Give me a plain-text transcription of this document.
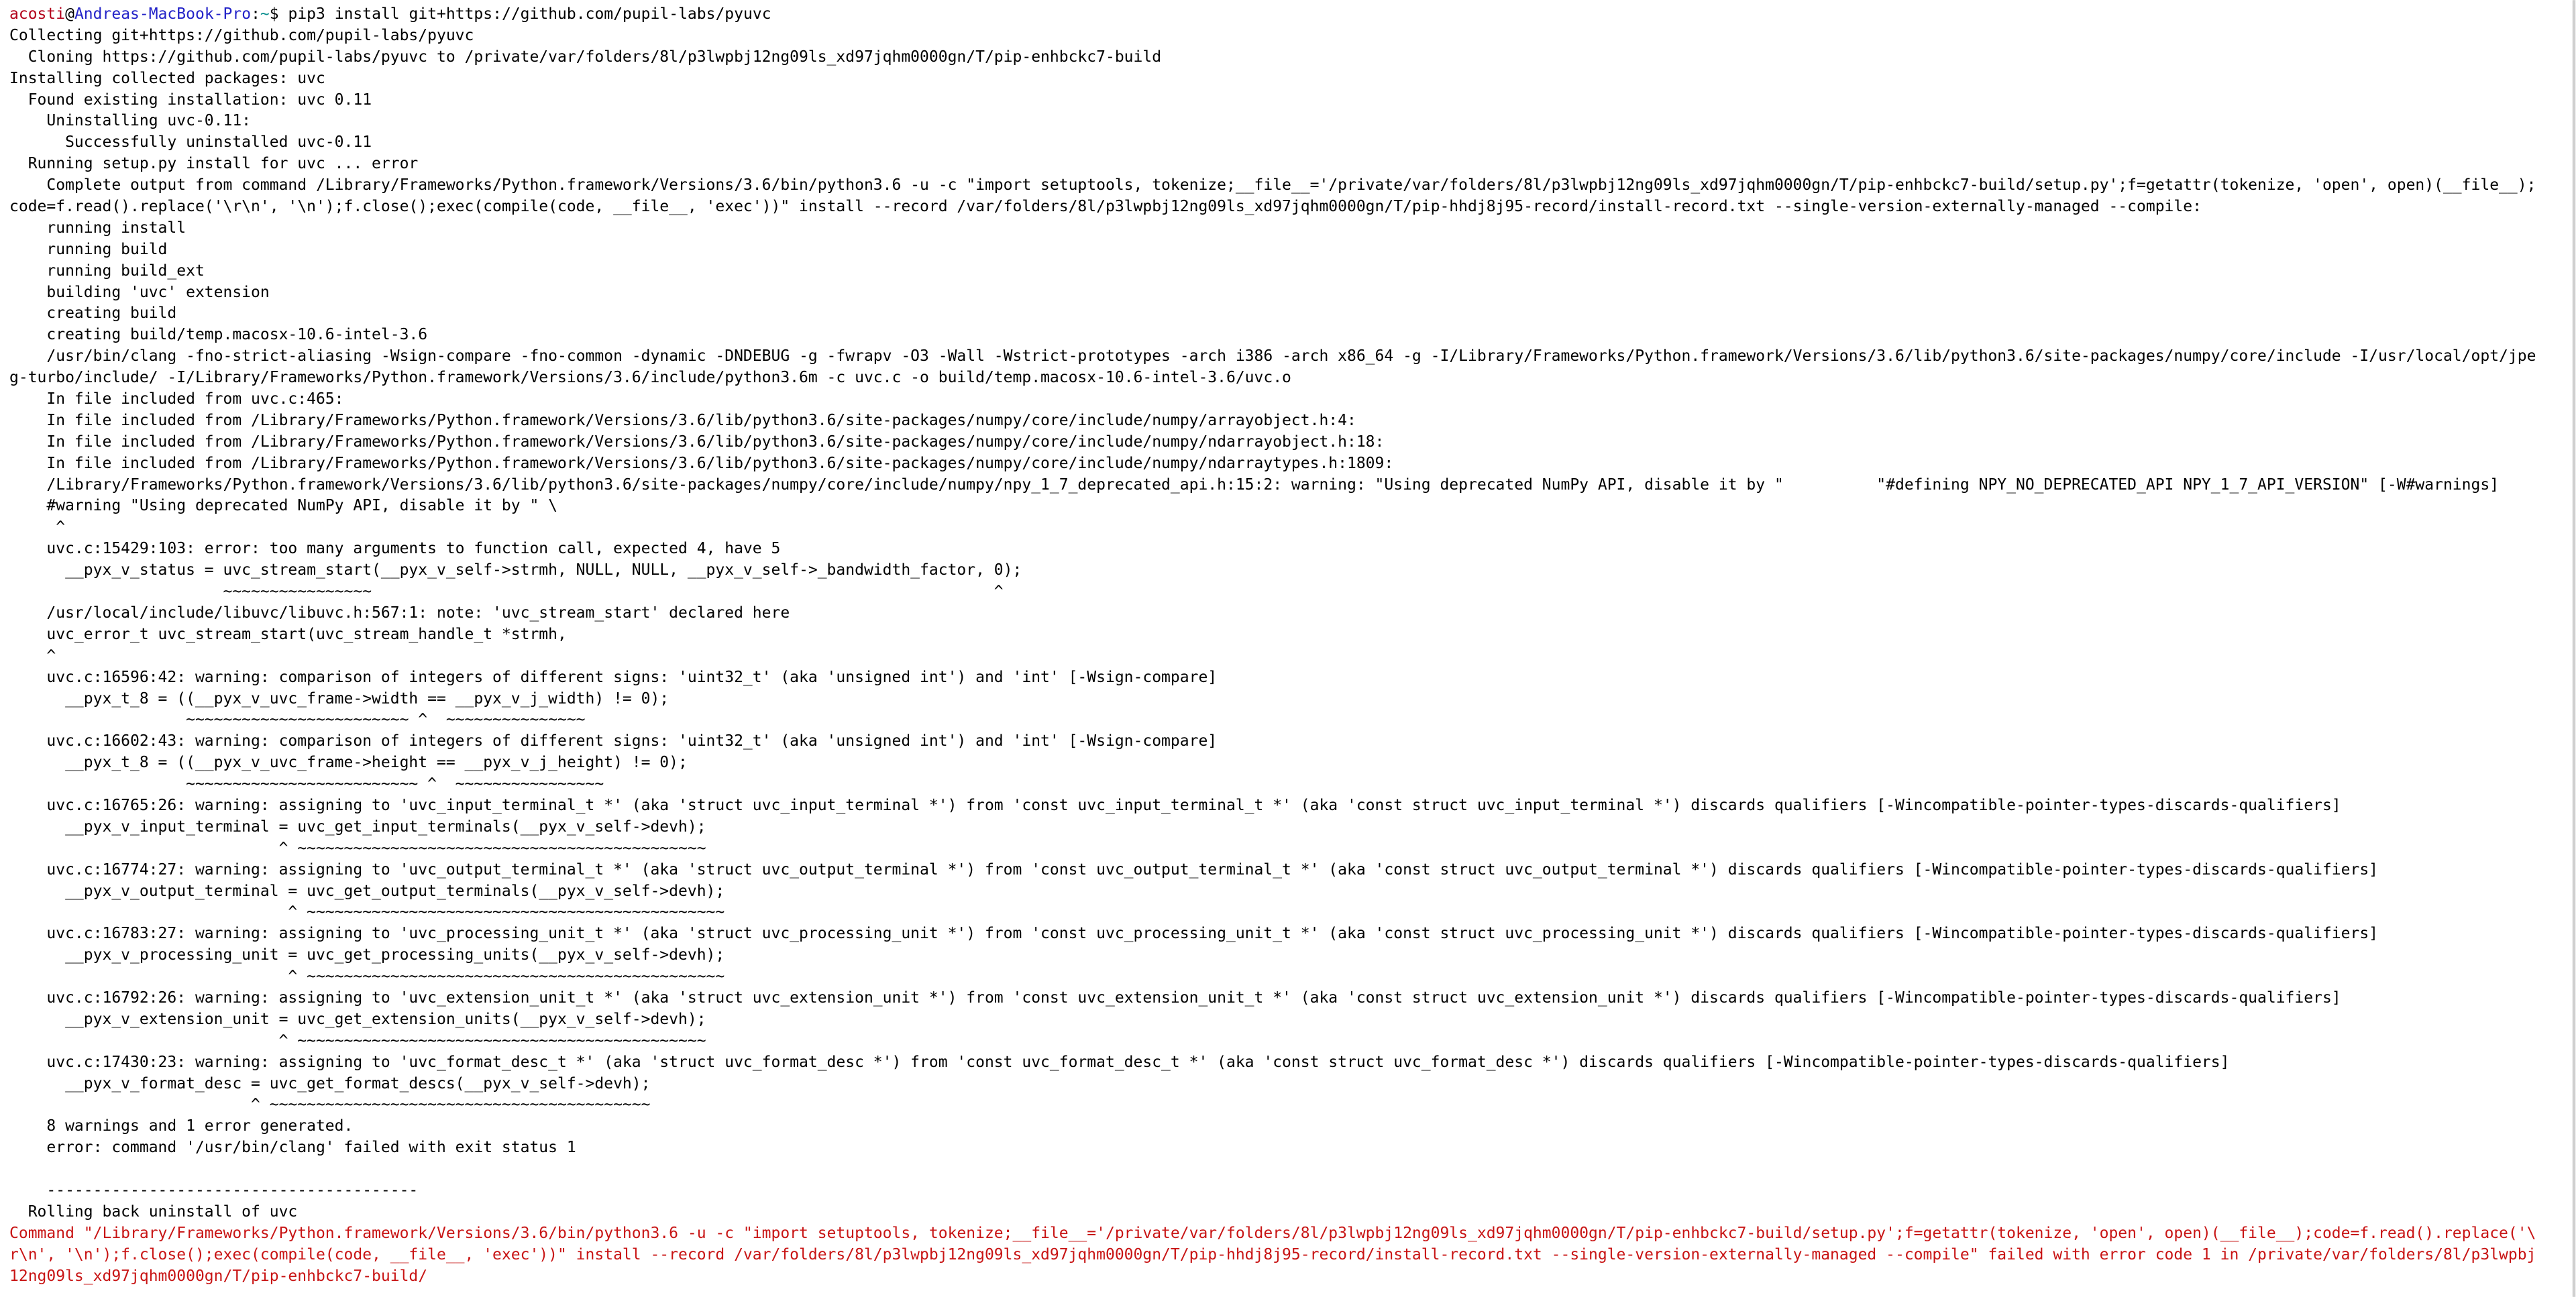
acosti@Andreas-MacBook-Pro:~$ pip3 install git+https://github.com/pupil-labs/pyuvc
Collecting git+https://github.com/pupil-labs/pyuvc
Cloning https://github.com/pupil-labs/pyuvc to /private/var/folders/8l/p3lwpbj12ng09ls_xd97jqhm0000gn/T/pip-enhbckc7-build
Installing collected packages: uvc
Found existing installation: uvc 0.11
Uninstalling uvc-0.11:
Successfully uninstalled uvc-0.11
Running setup.py install for uvc ... error
Complete output from command /Library/Frameworks/Python.framework/Versions/3.6/bin/python3.6 -u -c "import setuptools, tokenize;__file__='/private/var/folders/8l/p3lwpbj12ng09ls_xd97jqhm0000gn/T/pip-enhbckc7-build/setup.py';f=getattr(tokenize, 'open', open)(__file__);
code=f.read().replace('\r\n', '\n');f.close();exec(compile(code, __file__, 'exec'))" install --record /var/folders/8l/p3lwpbj12ng09ls_xd97jqhm0000gn/T/pip-hhdj8j95-record/install-record.txt --single-version-externally-managed --compile:
running install
running build
running build_ext
building 'uvc' extension
creating build
creating build/temp.macosx-10.6-intel-3.6
/usr/bin/clang -fno-strict-aliasing -Wsign-compare -fno-common -dynamic -DNDEBUG -g -fwrapv -O3 -Wall -Wstrict-prototypes -arch i386 -arch x86_64 -g -I/Library/Frameworks/Python.framework/Versions/3.6/lib/python3.6/site-packages/numpy/core/include -I/usr/local/opt/jpe
g-turbo/include/ -I/Library/Frameworks/Python.framework/Versions/3.6/include/python3.6m -c uvc.c -o build/temp.macosx-10.6-intel-3.6/uvc.o
In file included from uvc.c:465:
In file included from /Library/Frameworks/Python.framework/Versions/3.6/lib/python3.6/site-packages/numpy/core/include/numpy/arrayobject.h:4:
In file included from /Library/Frameworks/Python.framework/Versions/3.6/lib/python3.6/site-packages/numpy/core/include/numpy/ndarrayobject.h:18:
In file included from /Library/Frameworks/Python.framework/Versions/3.6/lib/python3.6/site-packages/numpy/core/include/numpy/ndarraytypes.h:1809:
/Library/Frameworks/Python.framework/Versions/3.6/lib/python3.6/site-packages/numpy/core/include/numpy/npy_1_7_deprecated_api.h:15:2: warning: "Using deprecated NumPy API, disable it by "          "#defining NPY_NO_DEPRECATED_API NPY_1_7_API_VERSION" [-W#warnings]
#warning "Using deprecated NumPy API, disable it by " \
^
uvc.c:15429:103: error: too many arguments to function call, expected 4, have 5
__pyx_v_status = uvc_stream_start(__pyx_v_self->strmh, NULL, NULL, __pyx_v_self->_bandwidth_factor, 0);
~~~~~~~~~~~~~~~~                                                                   ^
/usr/local/include/libuvc/libuvc.h:567:1: note: 'uvc_stream_start' declared here
uvc_error_t uvc_stream_start(uvc_stream_handle_t *strmh,
^
uvc.c:16596:42: warning: comparison of integers of different signs: 'uint32_t' (aka 'unsigned int') and 'int' [-Wsign-compare]
__pyx_t_8 = ((__pyx_v_uvc_frame->width == __pyx_v_j_width) != 0);
~~~~~~~~~~~~~~~~~~~~~~~~ ^  ~~~~~~~~~~~~~~~
uvc.c:16602:43: warning: comparison of integers of different signs: 'uint32_t' (aka 'unsigned int') and 'int' [-Wsign-compare]
__pyx_t_8 = ((__pyx_v_uvc_frame->height == __pyx_v_j_height) != 0);
~~~~~~~~~~~~~~~~~~~~~~~~~ ^  ~~~~~~~~~~~~~~~~
uvc.c:16765:26: warning: assigning to 'uvc_input_terminal_t *' (aka 'struct uvc_input_terminal *') from 'const uvc_input_terminal_t *' (aka 'const struct uvc_input_terminal *') discards qualifiers [-Wincompatible-pointer-types-discards-qualifiers]
__pyx_v_input_terminal = uvc_get_input_terminals(__pyx_v_self->devh);
^ ~~~~~~~~~~~~~~~~~~~~~~~~~~~~~~~~~~~~~~~~~~~~
uvc.c:16774:27: warning: assigning to 'uvc_output_terminal_t *' (aka 'struct uvc_output_terminal *') from 'const uvc_output_terminal_t *' (aka 'const struct uvc_output_terminal *') discards qualifiers [-Wincompatible-pointer-types-discards-qualifiers]
__pyx_v_output_terminal = uvc_get_output_terminals(__pyx_v_self->devh);
^ ~~~~~~~~~~~~~~~~~~~~~~~~~~~~~~~~~~~~~~~~~~~~~
uvc.c:16783:27: warning: assigning to 'uvc_processing_unit_t *' (aka 'struct uvc_processing_unit *') from 'const uvc_processing_unit_t *' (aka 'const struct uvc_processing_unit *') discards qualifiers [-Wincompatible-pointer-types-discards-qualifiers]
__pyx_v_processing_unit = uvc_get_processing_units(__pyx_v_self->devh);
^ ~~~~~~~~~~~~~~~~~~~~~~~~~~~~~~~~~~~~~~~~~~~~~
uvc.c:16792:26: warning: assigning to 'uvc_extension_unit_t *' (aka 'struct uvc_extension_unit *') from 'const uvc_extension_unit_t *' (aka 'const struct uvc_extension_unit *') discards qualifiers [-Wincompatible-pointer-types-discards-qualifiers]
__pyx_v_extension_unit = uvc_get_extension_units(__pyx_v_self->devh);
^ ~~~~~~~~~~~~~~~~~~~~~~~~~~~~~~~~~~~~~~~~~~~~
uvc.c:17430:23: warning: assigning to 'uvc_format_desc_t *' (aka 'struct uvc_format_desc *') from 'const uvc_format_desc_t *' (aka 'const struct uvc_format_desc *') discards qualifiers [-Wincompatible-pointer-types-discards-qualifiers]
__pyx_v_format_desc = uvc_get_format_descs(__pyx_v_self->devh);
^ ~~~~~~~~~~~~~~~~~~~~~~~~~~~~~~~~~~~~~~~~~
8 warnings and 1 error generated.
error: command '/usr/bin/clang' failed with exit status 1
----------------------------------------
Rolling back uninstall of uvc
Command "/Library/Frameworks/Python.framework/Versions/3.6/bin/python3.6 -u -c "import setuptools, tokenize;__file__='/private/var/folders/8l/p3lwpbj12ng09ls_xd97jqhm0000gn/T/pip-enhbckc7-build/setup.py';f=getattr(tokenize, 'open', open)(__file__);code=f.read().replace('\
r\n', '\n');f.close();exec(compile(code, __file__, 'exec'))" install --record /var/folders/8l/p3lwpbj12ng09ls_xd97jqhm0000gn/T/pip-hhdj8j95-record/install-record.txt --single-version-externally-managed --compile" failed with error code 1 in /private/var/folders/8l/p3lwpbj
12ng09ls_xd97jqhm0000gn/T/pip-enhbckc7-build/
